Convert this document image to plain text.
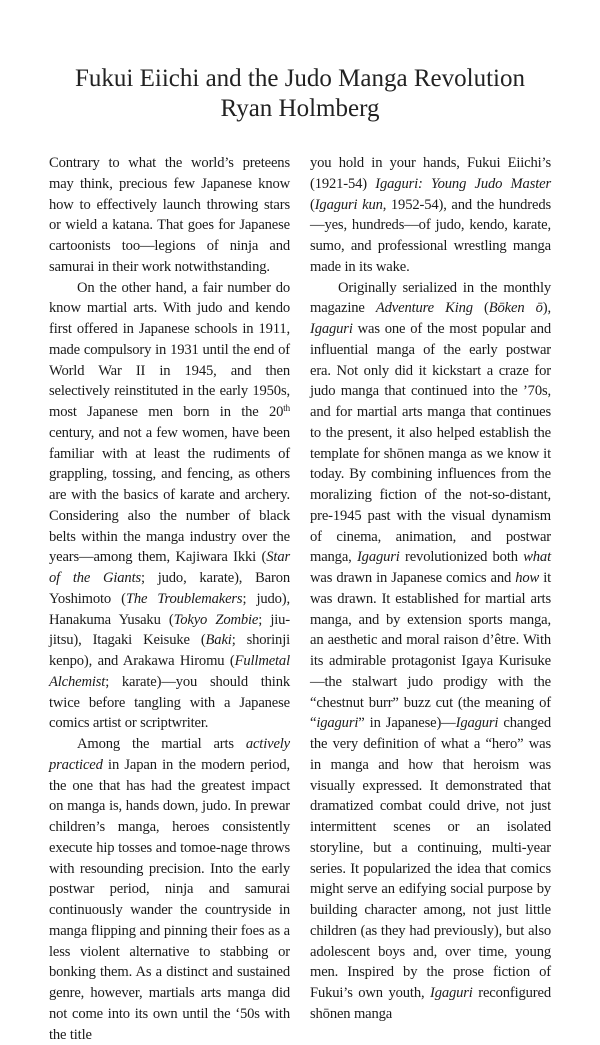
Fukui Eiichi and the Judo Manga Revolution
Ryan Holmberg

Contrary to what the world’s preteens may think, precious few Japanese know how to effectively launch throwing stars or wield a katana. That goes for Japanese cartoonists too—legions of ninja and samurai in their work notwithstanding.

On the other hand, a fair number do know martial arts. With judo and kendo first offered in Japanese schools in 1911, made compulsory in 1931 until the end of World War II in 1945, and then selectively reinstituted in the early 1950s, most Japanese men born in the 20th century, and not a few women, have been familiar with at least the rudiments of grappling, tossing, and fencing, as others are with the basics of karate and archery. Considering also the number of black belts within the manga industry over the years—among them, Kajiwara Ikki (Star of the Giants; judo, karate), Baron Yoshimoto (The Troublemakers; judo), Hanakuma Yusaku (Tokyo Zombie; jiu-jitsu), Itagaki Keisuke (Baki; shorinji kenpo), and Arakawa Hiromu (Fullmetal Alchemist; karate)—you should think twice before tangling with a Japanese comics artist or scriptwriter.

Among the martial arts actively practiced in Japan in the modern period, the one that has had the greatest impact on manga is, hands down, judo. In prewar children’s manga, heroes consistently execute hip tosses and tomoe-nage throws with resounding precision. Into the early postwar period, ninja and samurai continuously wander the countryside in manga flipping and pinning their foes as a less violent alternative to stabbing or bonking them. As a distinct and sustained genre, however, martials arts manga did not come into its own until the ‘50s with the title

you hold in your hands, Fukui Eiichi’s (1921-54) Igaguri: Young Judo Master (Igaguri kun, 1952-54), and the hundreds—yes, hundreds—of judo, kendo, karate, sumo, and professional wrestling manga made in its wake.

Originally serialized in the monthly magazine Adventure King (Bōken ō), Igaguri was one of the most popular and influential manga of the early postwar era. Not only did it kickstart a craze for judo manga that continued into the ’70s, and for martial arts manga that continues to the present, it also helped establish the template for shōnen manga as we know it today. By combining influences from the moralizing fiction of the not-so-distant, pre-1945 past with the visual dynamism of cinema, animation, and postwar manga, Igaguri revolutionized both what was drawn in Japanese comics and how it was drawn. It established for martial arts manga, and by extension sports manga, an aesthetic and moral raison d’être. With its admirable protagonist Igaya Kurisuke—the stalwart judo prodigy with the “chestnut burr” buzz cut (the meaning of “igaguri” in Japanese)—Igaguri changed the very definition of what a “hero” was in manga and how that heroism was visually expressed. It demonstrated that dramatized combat could drive, not just intermittent scenes or an isolated storyline, but a continuing, multi-year series. It popularized the idea that comics might serve an edifying social purpose by building character among, not just little children (as they had previously), but also adolescent boys and, over time, young men. Inspired by the prose fiction of Fukui’s own youth, Igaguri reconfigured shōnen manga
